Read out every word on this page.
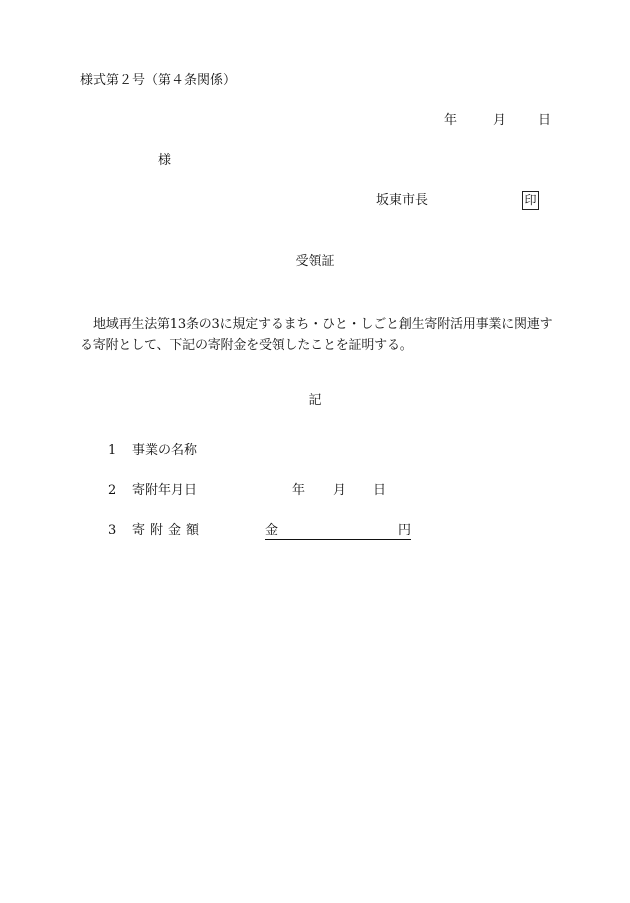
様式第２号（第４条関係）
年	月 日
様
坂東市長	印
受領証
地域再生法第13条の3に規定するまち・ひと・しごと創生寄附活用事業に関連する寄附として、下記の寄附金を受領したことを証明する。
記
1 事業の名称
2 寄附年月日	年 月 日
3 寄附金額	金	円
